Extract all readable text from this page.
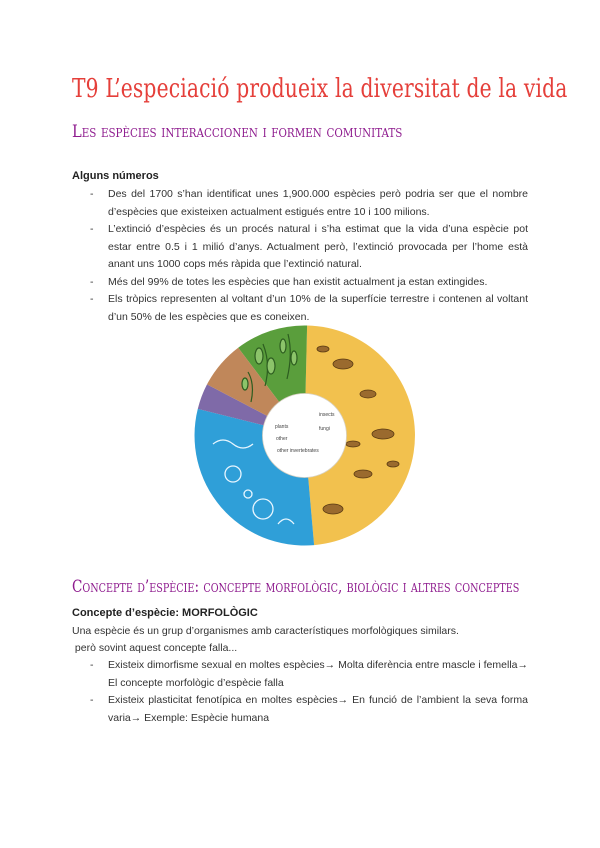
T9 L’especiació produeix la diversitat de la vida
Les espècies interaccionen i formen comunitats
Alguns números
- Des del 1700 s’han identificat unes 1,900.000 espècies però podria ser que el nombre d’espècies que existeixen actualment estigués entre 10 i 100 milions.
- L’extinció d’espècies és un procés natural i s’ha estimat que la vida d’una espècie pot estar entre 0.5 i 1 milió d’anys. Actualment però, l’extinció provocada per l’home està anant uns 1000 cops més ràpida que l’extinció natural.
- Més del 99% de totes les espècies que han existit actualment ja estan extingides.
- Els tròpics representen al voltant d’un 10% de la superfície terrestre i contenen al voltant d’un 50% de les espècies que es coneixen.
plants
insects
other
fungi
other invertebrates
Concepte d’espècie: concepte morfològic, biològic i altres conceptes
Concepte d’espècie: MORFOLÒGIC

Una espècie és un grup d’organismes amb característiques morfològiques similars.

però sovint aquest concepte falla...

- Existeix dimorfisme sexual en moltes espècies→ Molta diferència entre mascle i femella→ El concepte morfològic d’espècie falla
- Existeix plasticitat fenotípica en moltes espècies→ En funció de l’ambient la seva forma varia→ Exemple: Espècie humana
